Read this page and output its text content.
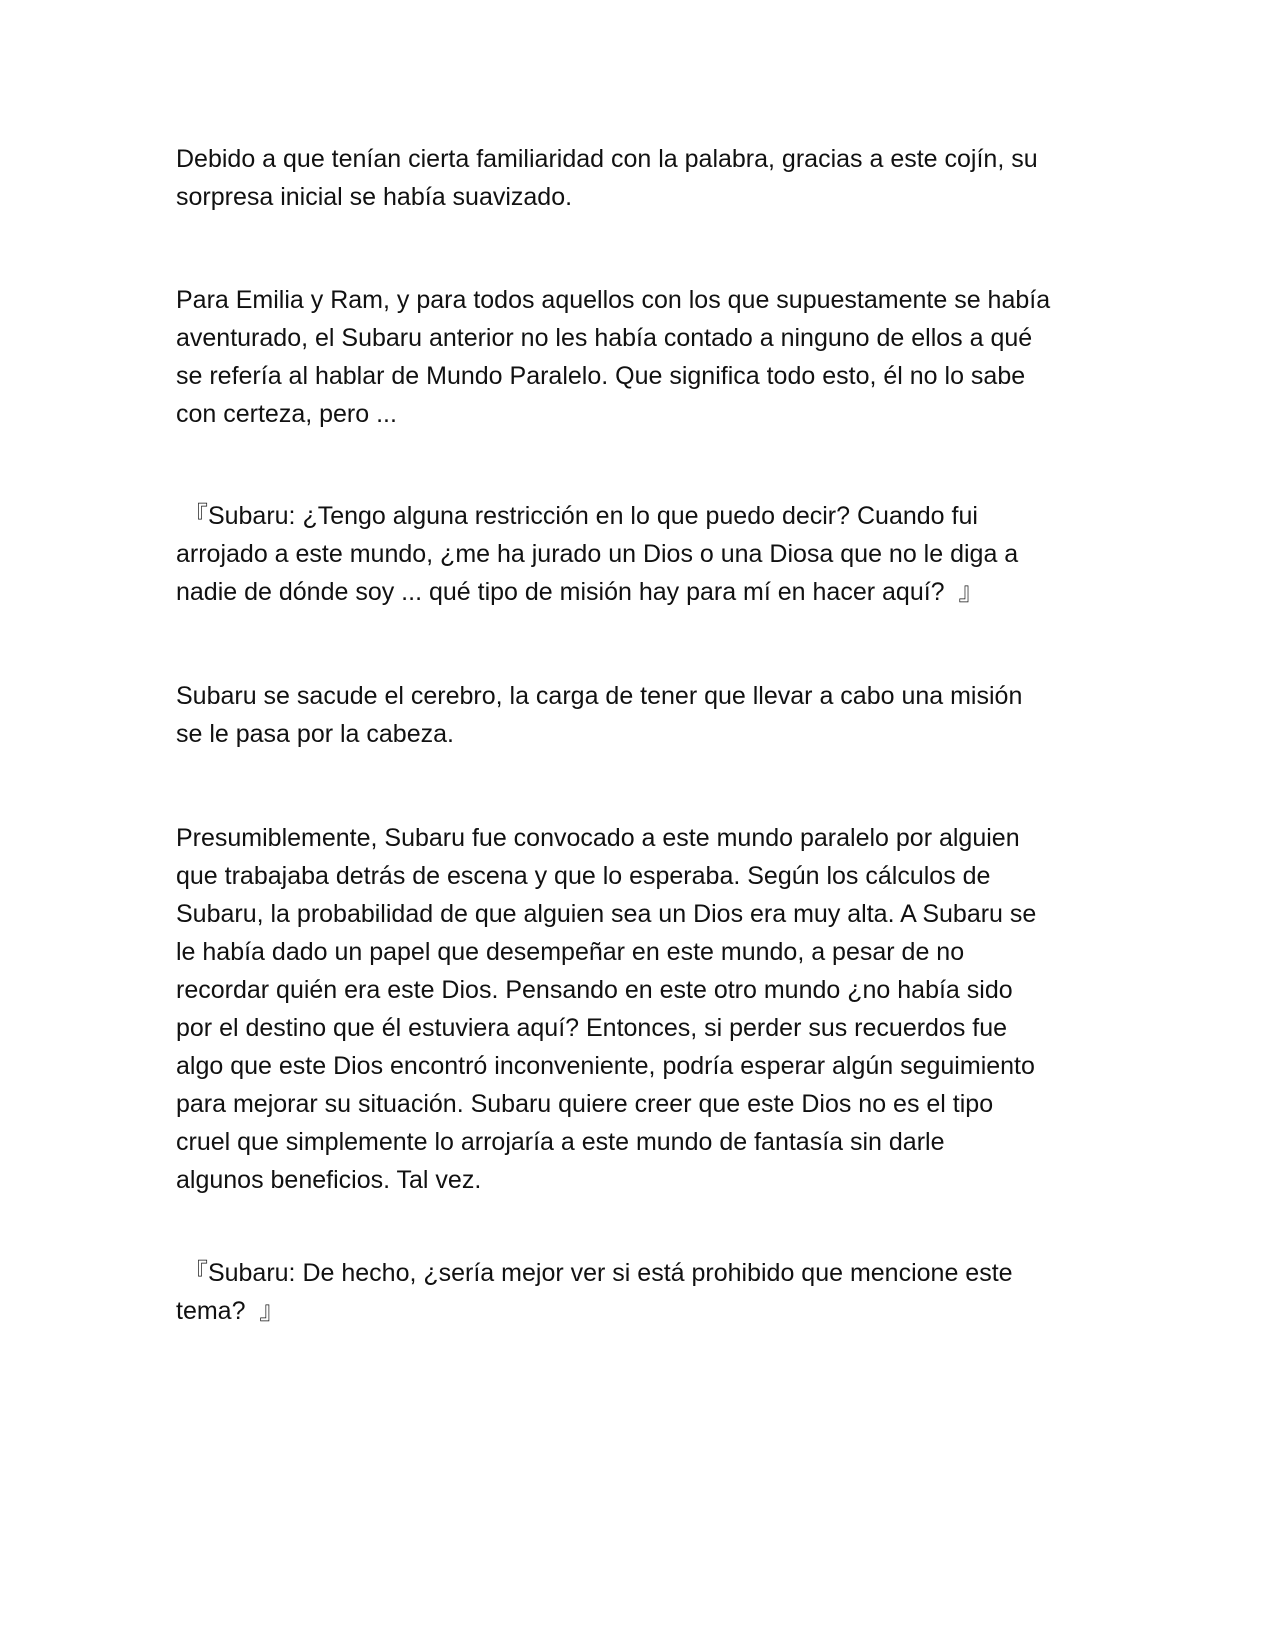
Debido a que tenían cierta familiaridad con la palabra, gracias a este cojín, su
sorpresa inicial se había suavizado.

Para Emilia y Ram, y para todos aquellos con los que supuestamente se había
aventurado, el Subaru anterior no les había contado a ninguno de ellos a qué
se refería al hablar de Mundo Paralelo. Que significa todo esto, él no lo sabe
con certeza, pero ...

『Subaru: ¿Tengo alguna restricción en lo que puedo decir? Cuando fui
arrojado a este mundo, ¿me ha jurado un Dios o una Diosa que no le diga a
nadie de dónde soy ... qué tipo de misión hay para mí en hacer aquí?  』

Subaru se sacude el cerebro, la carga de tener que llevar a cabo una misión
se le pasa por la cabeza.

Presumiblemente, Subaru fue convocado a este mundo paralelo por alguien
que trabajaba detrás de escena y que lo esperaba. Según los cálculos de
Subaru, la probabilidad de que alguien sea un Dios era muy alta. A Subaru se
le había dado un papel que desempeñar en este mundo, a pesar de no
recordar quién era este Dios. Pensando en este otro mundo ¿no había sido
por el destino que él estuviera aquí? Entonces, si perder sus recuerdos fue
algo que este Dios encontró inconveniente, podría esperar algún seguimiento
para mejorar su situación. Subaru quiere creer que este Dios no es el tipo
cruel que simplemente lo arrojaría a este mundo de fantasía sin darle
algunos beneficios. Tal vez.

『Subaru: De hecho, ¿sería mejor ver si está prohibido que mencione este
tema?  』
